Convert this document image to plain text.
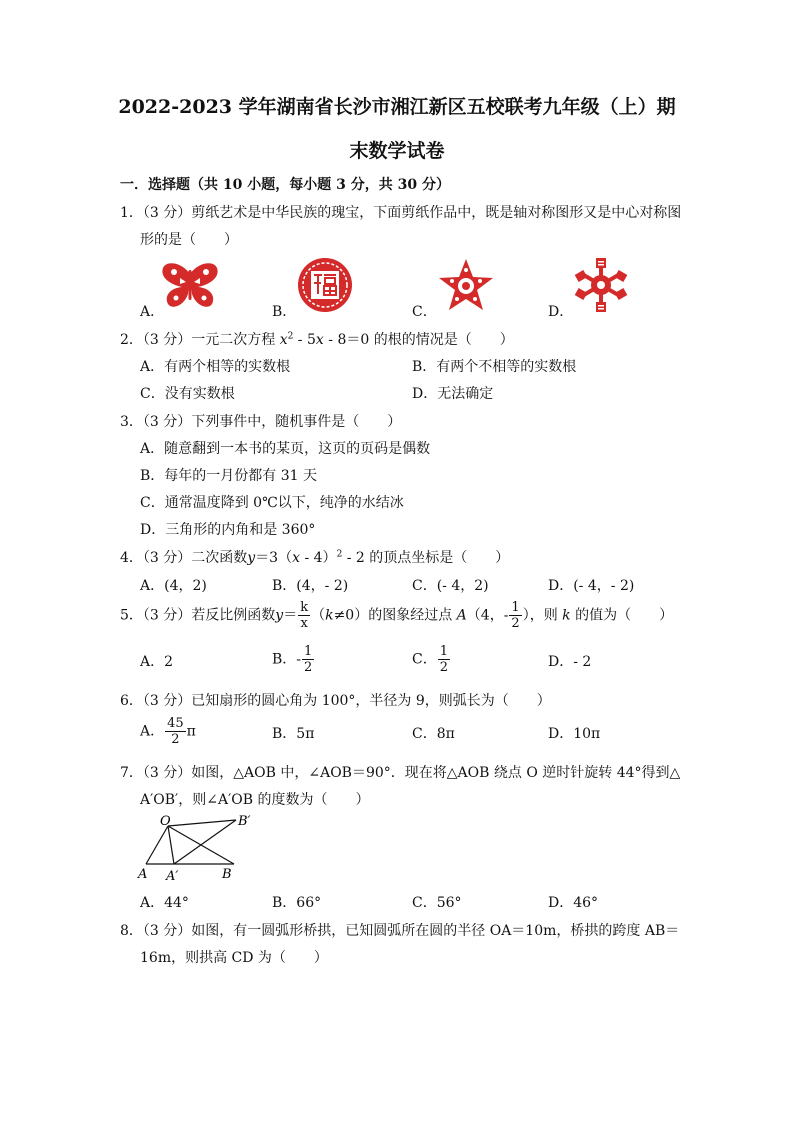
2022-2023 学年湖南省长沙市湘江新区五校联考九年级（上）期
末数学试卷
一．选择题（共 10 小题，每小题 3 分，共 30 分）
1．（3 分）剪纸艺术是中华民族的瑰宝，下面剪纸作品中，既是轴对称图形又是中心对称图
形的是（　　）
A．	B．	C．	D．
2．（3 分）一元二次方程 $x^2 - 5x - 8=0$ 的根的情况是（　　）
A．有两个相等的实数根	B．有两个不相等的实数根
C．没有实数根	D．无法确定
3．（3 分）下列事件中，随机事件是（　　）
A．随意翻到一本书的某页，这页的页码是偶数
B．每年的一月份都有 31 天
C．通常温度降到 0℃以下，纯净的水结冰
D．三角形的内角和是 360°
4．（3 分）二次函数y＝3（x - 4）$^2$ - 2 的顶点坐标是（　　）
A．(4，2)	B．(4，- 2)	C．(- 4，2)	D．(- 4，- 2)
5．（3 分）若反比例函数$y= \frac{k}{x} (k\ne 0)$的图象经过点 A（4，- $\frac{1}{2}$ ），则 k 的值为（　　）
A．2	B．- $\frac{1}{2}$	C． $\frac{1}{2}$	D．- 2
6．（3 分）已知扇形的圆心角为 100°，半径为 9，则弧长为（　　）
A． $\frac{45}{2}$ π	B．5π	C．8π	D．10π
7．（3 分）如图，△AOB 中，∠AOB＝90°．现在将△AOB 绕点 O 逆时针旋转 44°得到△
A′OB′，则∠A′OB 的度数为（　　）
O	B′
A A′	B
A．44°	B．66°	C．56°	D．46°
8．（3 分）如图，有一圆弧形桥拱，已知圆弧所在圆的半径 OA＝10m，桥拱的跨度 AB＝
16m，则拱高 CD 为（　　）
